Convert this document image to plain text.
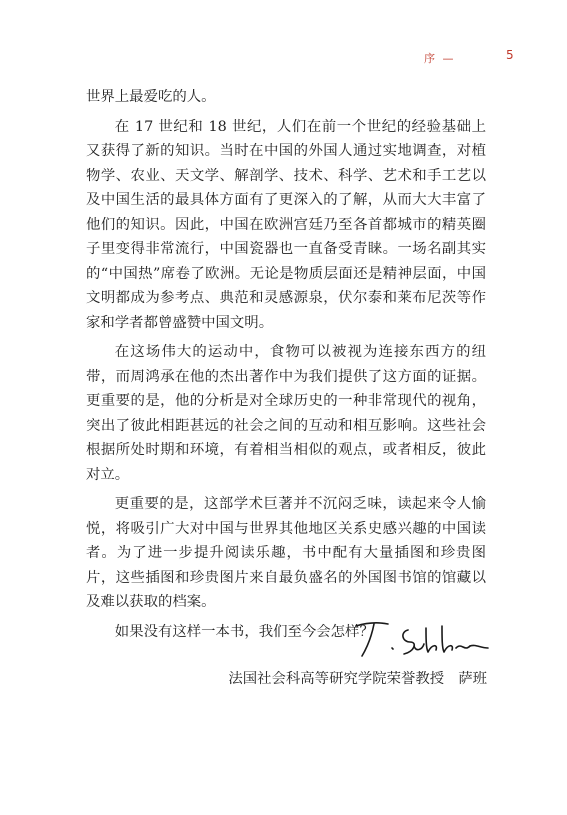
序 —	5

世界上最爱吃的人。

在 17 世纪和 18 世纪，人们在前一个世纪的经验基础上又获得了新的知识。当时在中国的外国人通过实地调查，对植物学、农业、天文学、解剖学、技术、科学、艺术和手工艺以及中国生活的最具体方面有了更深入的了解，从而大大丰富了他们的知识。因此，中国在欧洲宫廷乃至各首都城市的精英圈子里变得非常流行，中国瓷器也一直备受青睐。一场名副其实的“中国热”席卷了欧洲。无论是物质层面还是精神层面，中国文明都成为参考点、典范和灵感源泉，伏尔泰和莱布尼茨等作家和学者都曾盛赞中国文明。

在这场伟大的运动中，食物可以被视为连接东西方的纽带，而周鸿承在他的杰出著作中为我们提供了这方面的证据。更重要的是，他的分析是对全球历史的一种非常现代的视角，突出了彼此相距甚远的社会之间的互动和相互影响。这些社会根据所处时期和环境，有着相当相似的观点，或者相反，彼此对立。

更重要的是，这部学术巨著并不沉闷乏味，读起来令人愉悦，将吸引广大对中国与世界其他地区关系史感兴趣的中国读者。为了进一步提升阅读乐趣，书中配有大量插图和珍贵图片，这些插图和珍贵图片来自最负盛名的外国图书馆的馆藏以及难以获取的档案。

如果没有这样一本书，我们至今会怎样？

法国社会科高等研究学院荣誉教授 萨班
